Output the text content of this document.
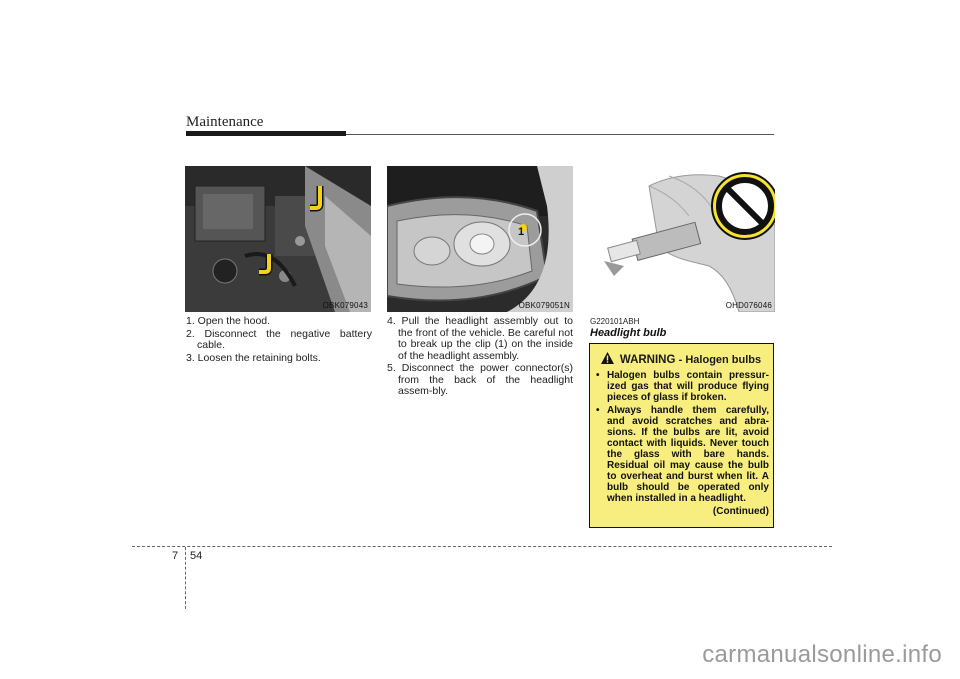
Maintenance
OBK079043
1
OBK079051N	OHD076046
1. Open the hood.
2. Disconnect the negative battery cable.
3. Loosen the retaining bolts.
4. Pull the headlight assembly out to the front of the vehicle. Be careful not to break up the clip (1) on the inside of the headlight assembly.
5. Disconnect the power connector(s) from the back of the headlight assem-bly.
G220101ABH
Headlight bulb
WARNING - Halogen bulbs
• Halogen bulbs contain pressur-ized gas that will produce flying pieces of glass if broken.
• Always handle them carefully, and avoid scratches and abra-sions. If the bulbs are lit, avoid contact with liquids. Never touch the glass with bare hands. Residual oil may cause the bulb to overheat and burst when lit. A bulb should be operated only when installed in a headlight.
(Continued)
7 54
carmanualsonline.info
